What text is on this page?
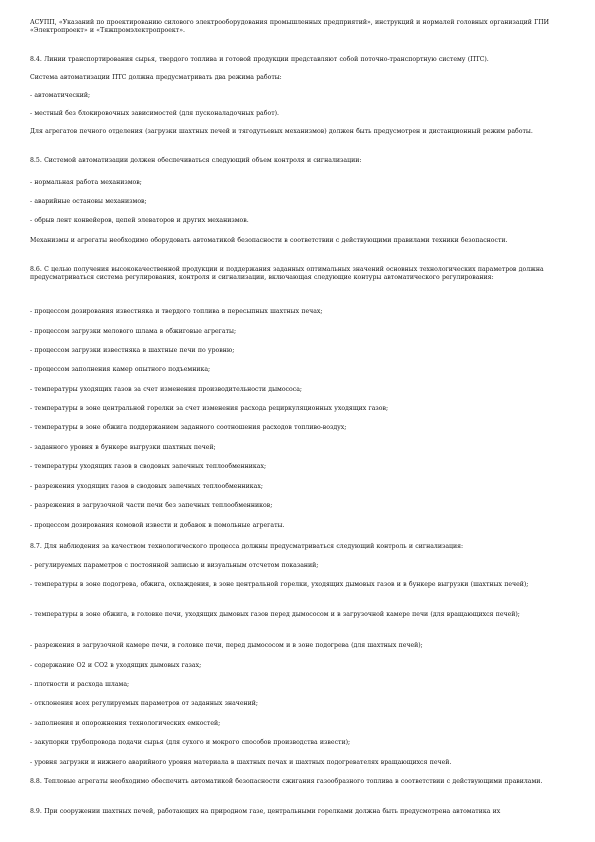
АСУПП, «Указаний по проектированию силового электрооборудования промышленных предприятий», инструкций и нормалей головных организаций ГПИ «Электропроект» и «Тяжпромэлектропроект».

8.4. Линии транспортирования сырья, твердого топлива и готовой продукции представляют собой поточно-транспортную систему (ПТС).

Система автоматизации ПТС должна предусматривать два режима работы:

- автоматический;

- местный без блокировочных зависимостей (для пусконаладочных работ).

Для агрегатов печного отделения (загрузки шахтных печей и тягодутьевых механизмов) должен быть предусмотрен и дистанционный режим работы.

8.5. Системой автоматизации должен обеспечиваться следующий объем контроля и сигнализации:

- нормальная работа механизмов;

- аварийные остановы механизмов;

- обрыв лент конвейеров, цепей элеваторов и других механизмов.

Механизмы и агрегаты необходимо оборудовать автоматикой безопасности в соответствии с действующими правилами техники безопасности.

8.6. С целью получения высококачественной продукции и поддержания заданных оптимальных значений основных технологических параметров должна предусматриваться система регулирования, контроля и сигнализации, включающая следующие контуры автоматического регулирования:

- процессом дозирования известняка и твердого топлива в пересыпных шахтных печах;

- процессом загрузки мелового шлама в обжиговые агрегаты;

- процессом загрузки известняка в шахтные печи по уровню;

- процессом заполнения камер опытного подъемника;

- температуры уходящих газов за счет изменения производительности дымососа;

- температуры в зоне центральной горелки за счет изменения расхода рециркуляционных уходящих газов;

- температуры в зоне обжига поддержанием заданного соотношения расходов топливо-воздух;

- заданного уровня в бункере выгрузки шахтных печей;

- температуры уходящих газов в сводовых запечных теплообменниках;

- разрежения уходящих газов в сводовых запечных теплообменниках;

- разрежения в загрузочной части печи без запечных теплообменников;

- процессом дозирования комовой извести и добавок в помольные агрегаты.

8.7. Для наблюдения за качеством технологического процесса должны предусматриваться следующий контроль и сигнализация:

- регулируемых параметров с постоянной записью и визуальным отсчетом показаний;

- температуры в зоне подогрева, обжига, охлаждения, в зоне центральной горелки, уходящих дымовых газов и в бункере выгрузки (шахтных печей);

- температуры в зоне обжига, в головке печи, уходящих дымовых газов перед дымососом и в загрузочной камере печи (для вращающихся печей);

- разрежения в загрузочной камере печи, в головке печи, перед дымососом и в зоне подогрева (для шахтных печей);

- содержание О2 и СО2 в уходящих дымовых газах;

- плотности и расхода шлама;

- отклонения всех регулируемых параметров от заданных значений;

- заполнения и опорожнения технологических емкостей;

- закупорки трубопровода подачи сырья (для сухого и мокрого способов производства извести);

- уровня загрузки и нижнего аварийного уровня материала в шахтных печах и шахтных подогревателях вращающихся печей.

8.8. Тепловые агрегаты необходимо обеспечить автоматикой безопасности сжигания газообразного топлива в соответствии с действующими правилами.

8.9. При сооружении шахтных печей, работающих на природном газе, центральными горелками должна быть предусмотрена автоматика их
